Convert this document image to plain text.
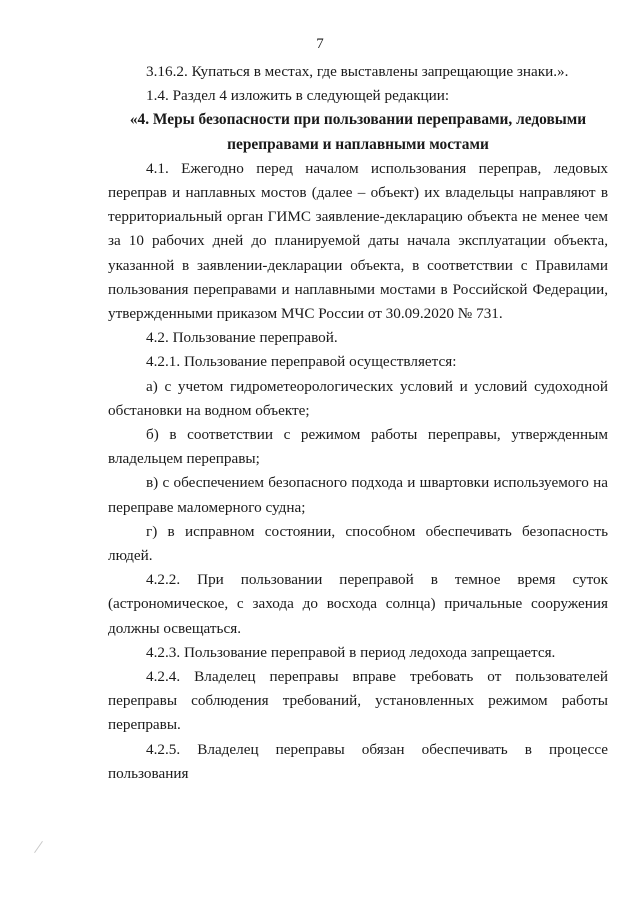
7

3.16.2. Купаться в местах, где выставлены запрещающие знаки.».

1.4. Раздел 4 изложить в следующей редакции:

«4. Меры безопасности при пользовании переправами, ледовыми переправами и наплавными мостами

4.1. Ежегодно перед началом использования переправ, ледовых переправ и наплавных мостов (далее – объект) их владельцы направляют в территориальный орган ГИМС заявление-декларацию объекта не менее чем за 10 рабочих дней до планируемой даты начала эксплуатации объекта, указанной в заявлении-декларации объекта, в соответствии с Правилами пользования переправами и наплавными мостами в Российской Федерации, утвержденными приказом МЧС России от 30.09.2020 № 731.

4.2. Пользование переправой.

4.2.1. Пользование переправой осуществляется:

а) с учетом гидрометеорологических условий и условий судоходной обстановки на водном объекте;

б) в соответствии с режимом работы переправы, утвержденным владельцем переправы;

в) с обеспечением безопасного подхода и швартовки используемого на переправе маломерного судна;

г) в исправном состоянии, способном обеспечивать безопасность людей.

4.2.2. При пользовании переправой в темное время суток (астрономическое, с захода до восхода солнца) причальные сооружения должны освещаться.

4.2.3. Пользование переправой в период ледохода запрещается.

4.2.4. Владелец переправы вправе требовать от пользователей переправы соблюдения требований, установленных режимом работы переправы.

4.2.5. Владелец переправы обязан обеспечивать в процессе пользования
